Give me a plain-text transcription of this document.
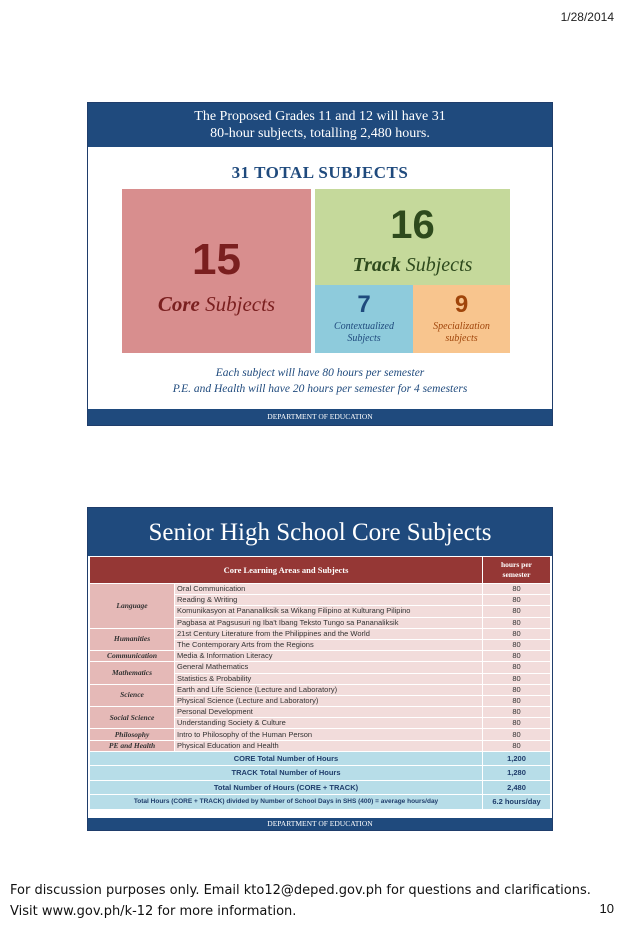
1/28/2014
The Proposed Grades 11 and 12 will have 31
80-hour subjects, totalling 2,480 hours.
31 TOTAL SUBJECTS
15
Core Subjects
16
Track Subjects
7
Contextualized
Subjects
9
Specialization
subjects
Each subject will have 80 hours per semester
P.E. and Health will have 20 hours per semester for 4 semesters
DEPARTMENT OF EDUCATION
Senior High School Core Subjects
Core Learning Areas and Subjects		hours per
semester

Language	Oral Communication	80
	Reading & Writing	80
	Komunikasyon at Pananaliksik sa Wikang Filipino at Kulturang Pilipino	80
	Pagbasa at Pagsusuri ng Iba't Ibang Teksto Tungo sa Pananaliksik	80
Humanities	21st Century Literature from the Philippines and the World	80
	The Contemporary Arts from the Regions	80
Communication	Media & Information Literacy	80
Mathematics	General Mathematics	80
	Statistics & Probability	80
Science	Earth and Life Science (Lecture and Laboratory)	80
	Physical Science (Lecture and Laboratory)	80
Social Science	Personal Development	80
	Understanding Society & Culture	80
Philosophy	Intro to Philosophy of the Human Person	80
PE and Health	Physical Education and Health	80
CORE Total Number of Hours		1,200
TRACK Total Number of Hours		1,280
Total Number of Hours (CORE + TRACK)		2,480
Total Hours (CORE + TRACK) divided by Number of School Days in SHS (400) = average hours/day		6.2 hours/day
DEPARTMENT OF EDUCATION
For discussion purposes only. Email kto12@deped.gov.ph for questions and clarifications.
Visit www.gov.ph/k-12 for more information.	10
